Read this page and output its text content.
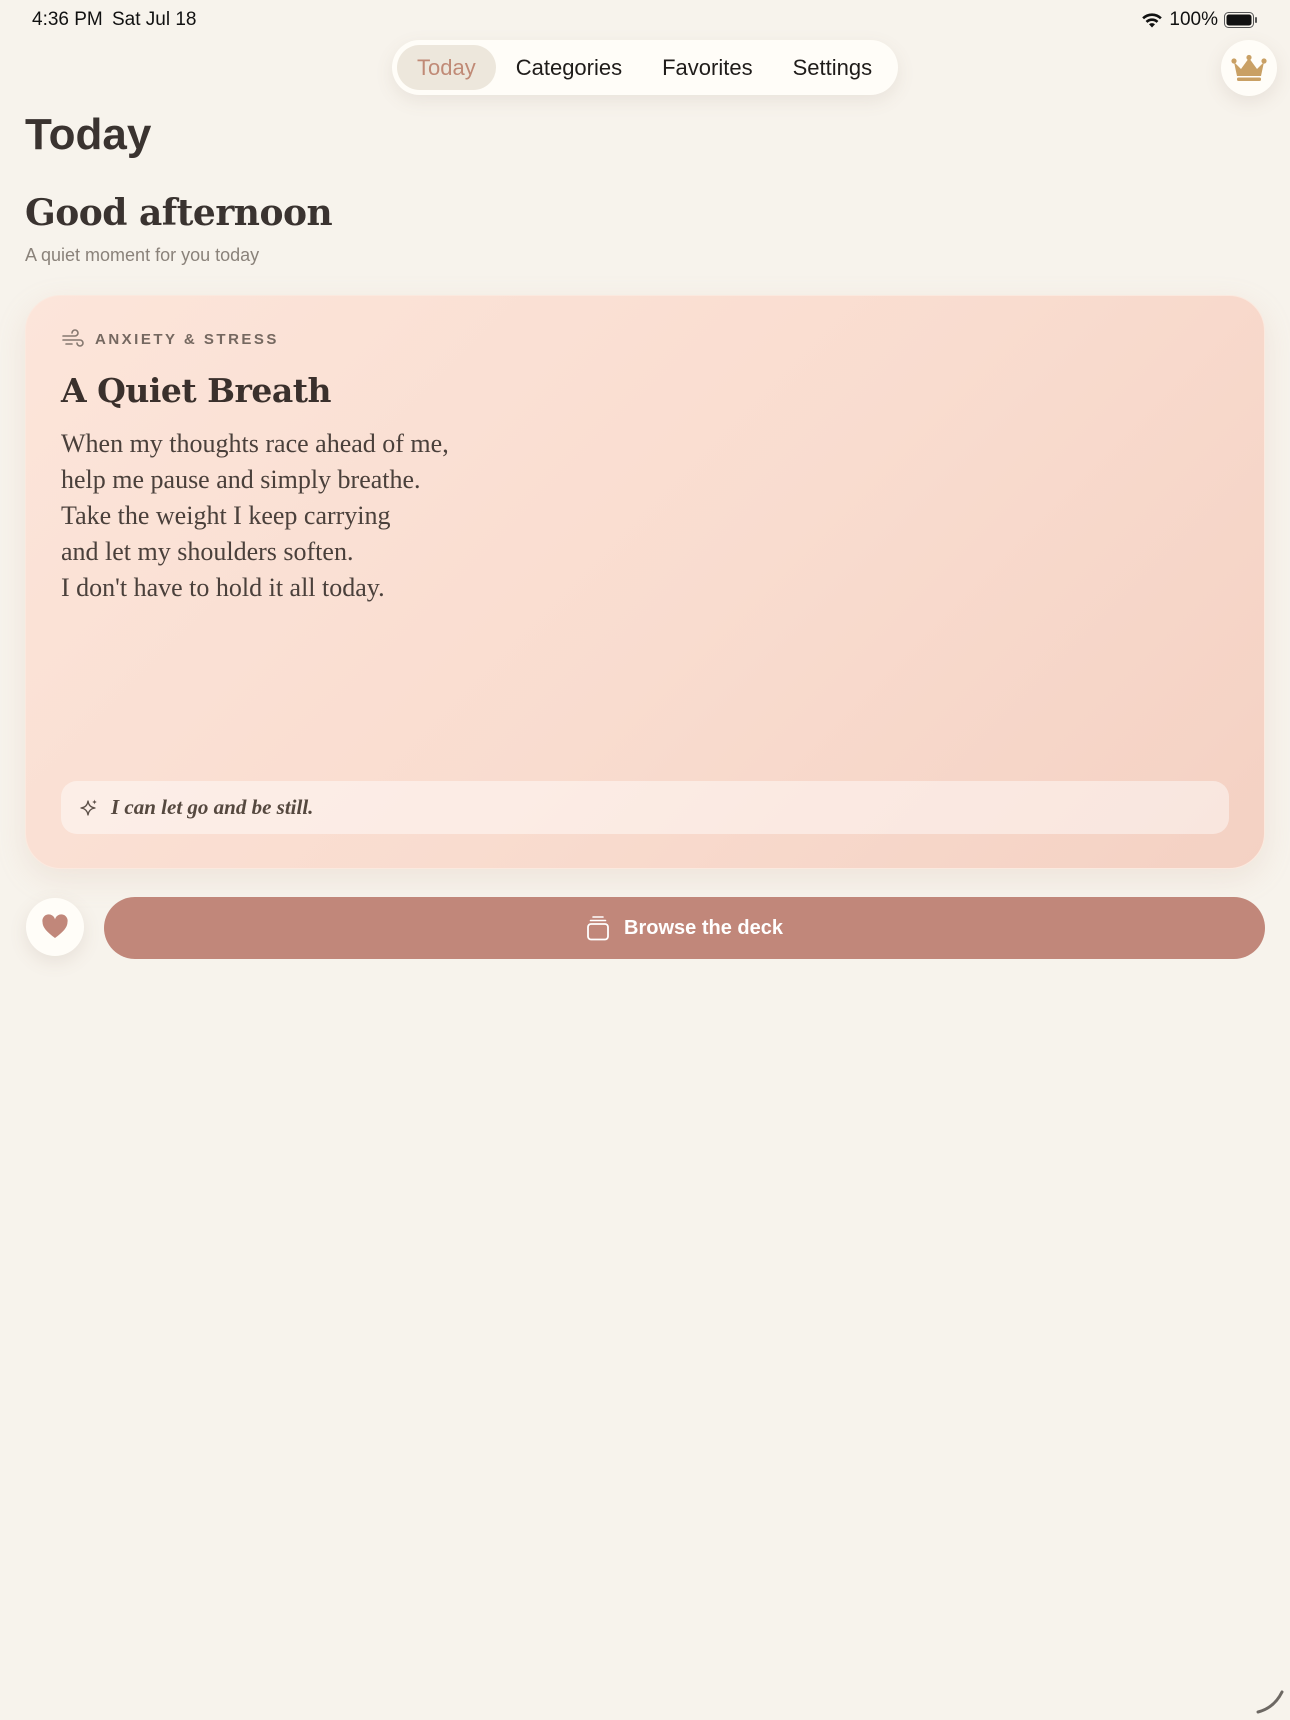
4:36 PM Sat Jul 18	100%
Today	Categories	Favorites	Settings
Today
Good afternoon

A quiet moment for you today

ANXIETY & STRESS
A Quiet Breath
When my thoughts race ahead of me,
help me pause and simply breathe.
Take the weight I keep carrying
and let my shoulders soften.
I don't have to hold it all today.
I can let go and be still.
Browse the deck
